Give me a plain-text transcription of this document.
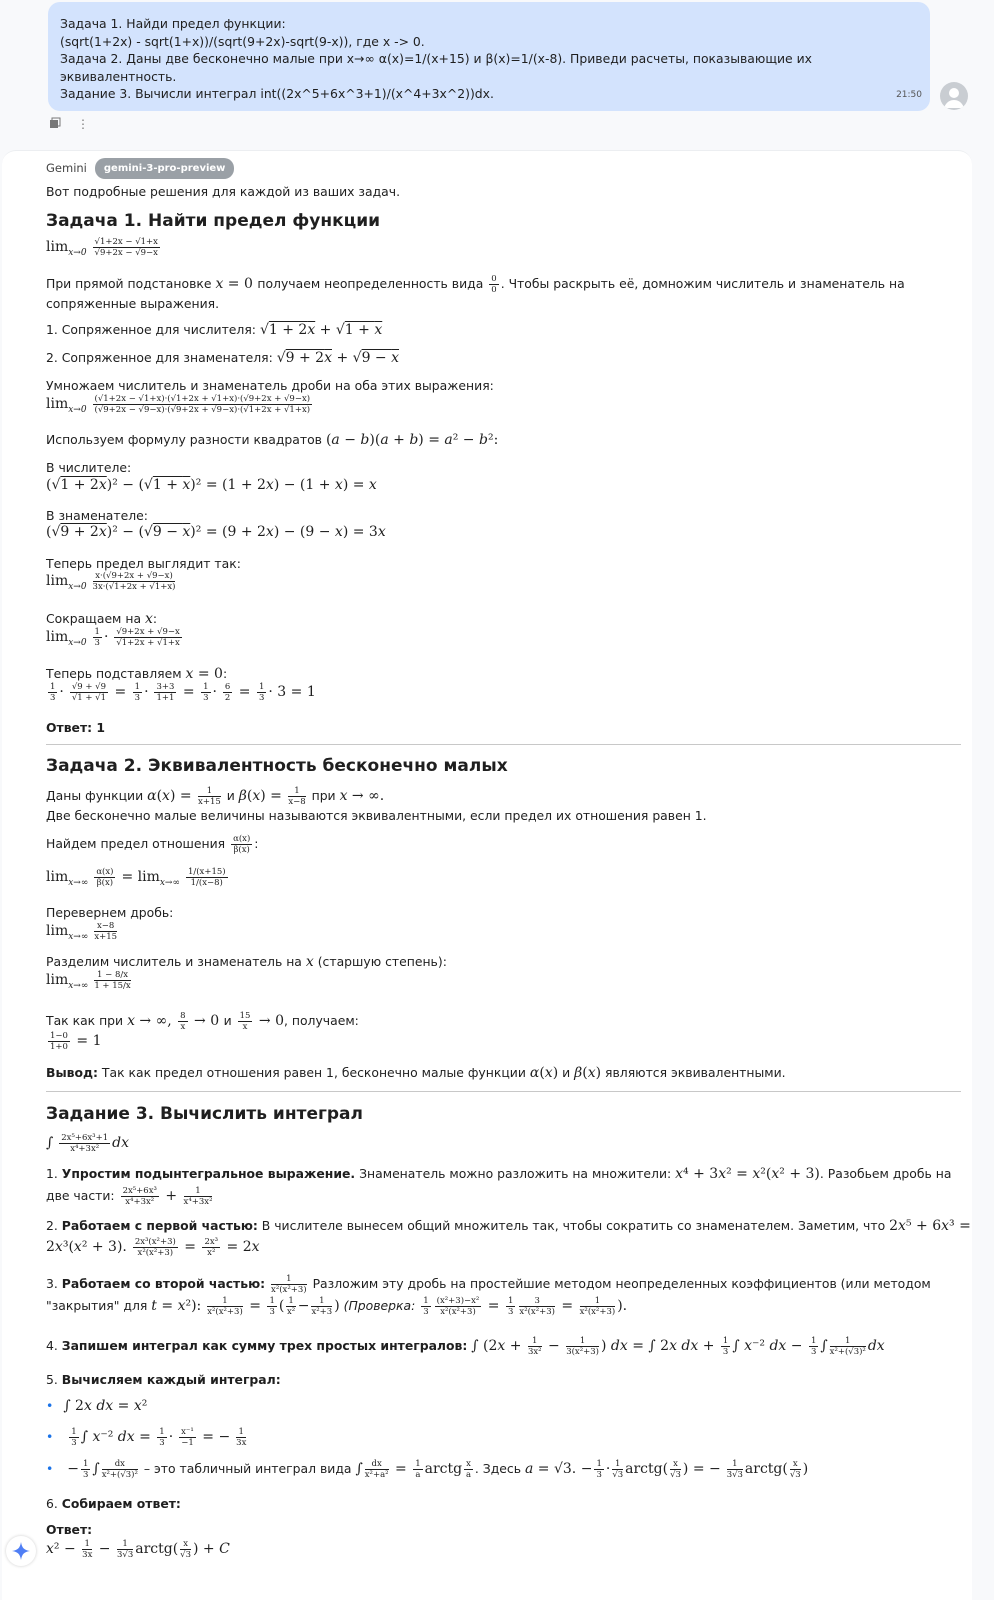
Задача 1. Найди предел функции:
(sqrt(1+2x) - sqrt(1+x))/(sqrt(9+2x)-sqrt(9-x)), где x -> 0.
Задача 2. Даны две бесконечно малые при x→∞ α(x)=1/(x+15) и β(x)=1/(x-8). Приведи расчеты, показывающие их эквивалентность.
Задание 3. Вычисли интеграл int((2x^5+6x^3+1)/(x^4+3x^2))dx.	21:50
⋮
Gemini	gemini-3-pro-preview
Вот подробные решения для каждой из ваших задач.
Задача 1. Найти предел функции
$\lim_{x\to 0} \frac{√1+2x - √1+x}{√9+2x - √9-x}$
При прямой подстановке x = 0 получаем неопределенность вида $\frac{0}{0}$ . Чтобы раскрыть её, домножим числитель и знаменатель на
сопряженные выражения.
1. Сопряженное для числителя: √1 + 2x + √1 + x
2. Сопряженное для знаменателя: √9 + 2x + √9 − x
Умножаем числитель и знаменатель дроби на оба этих выражения:
$\lim_{x\to 0} \frac{(√1+2x - √1+x)\cdot(√1+2x + √1+x)\cdot(√9+2x + √9-x)}{(√9+2x - √9-x)\cdot(√9+2x + √9-x)\cdot(√1+2x + √1+x)}$
Используем формулу разности квадратов (a − b)(a + b) = a² − b²:
В числителе:
(√1 + 2x)² − (√1 + x)² = (1 + 2x) − (1 + x) = x
В знаменателе:
(√9 + 2x)² − (√9 − x)² = (9 + 2x) − (9 − x) = 3x
Теперь предел выглядит так:
$\lim_{x\to 0} \frac{x\cdot(√9+2x + √9-x)}{3x\cdot(√1+2x + √1+x)}$
Сокращаем на x:
$\lim_{x\to 0} \frac{1}{3} \cdot \frac{√9+2x + √9-x}{√1+2x + √1+x}$
Теперь подставляем x = 0:
$\frac{1}{3} \cdot \frac{√9 + √9}{√1 + √1} = \frac{1}{3} \cdot \frac{3+3}{1+1} = \frac{1}{3} \cdot \frac{6}{2} = \frac{1}{3} \cdot 3 = 1$
Ответ: 1
Задача 2. Эквивалентность бесконечно малых
Даны функции $\alpha(x) = \frac{1}{x+15}$ и $\beta(x) = \frac{1}{x-8}$ при x → ∞.
Две бесконечно малые величины называются эквивалентными, если предел их отношения равен 1.
Найдем предел отношения $\frac{\alpha(x)}{\beta(x)}$ :
$\lim_{x\to\infty} \frac{\alpha(x)}{\beta(x)} = \lim_{x\to\infty} \frac{1/(x+15)}{1/(x-8)}$
Перевернем дробь:
$\lim_{x\to\infty} \frac{x-8}{x+15}$
Разделим числитель и знаменатель на x (старшую степень):
$\lim_{x\to\infty} \frac{1 - 8/x}{1 + 15/x}$
Так как при x → ∞, $\frac{8}{x} \to 0$ и $\frac{15}{x} \to 0$, получаем:
$\frac{1-0}{1+0} = 1$
Вывод: Так как предел отношения равен 1, бесконечно малые функции α(x) и β(x) являются эквивалентными.
Задание 3. Вычислить интеграл
∫ $\frac{\text{2x⁵+6x³+1}}{\text{x⁴+3x²}}$ dx
1. Упростим подынтегральное выражение. Знаменатель можно разложить на множители: x⁴ + 3x² = x²(x² + 3). Разобьем дробь на
две части: $\frac{\text{2x⁵+6x³}}{\text{x⁴+3x²}} + \frac{1}{\text{x⁴+3x²}}$
2. Работаем с первой частью: В числителе вынесем общий множитель так, чтобы сократить со знаменателем. Заметим, что 2x⁵ + 6x³ =
2x³(x² + 3). $\frac{\text{2x³(x²+3)}}{\text{x²(x²+3)}} = \frac{\text{2x³}}{\text{x²}} = 2x$
3. Работаем со второй частью: $\frac{1}{\text{x²(x²+3)}}$ Разложим эту дробь на простейшие методом неопределенных коэффициентов (или методом
"закрытия" для t = x²): $\frac{1}{\text{x²(x²+3)}} = \frac{1}{3}$ ( $\frac{1}{\text{x²}} - \frac{1}{\text{x²+3}}$ ) (Проверка: $\frac{1}{3} \frac{\text{(x²+3)−x²}}{\text{x²(x²+3)}} = \frac{1}{3} \frac{3}{\text{x²(x²+3)}} = \frac{1}{\text{x²(x²+3)}}$ ).
4. Запишем интеграл как сумму трех простых интегралов: ∫ ($2x + \frac{1}{\text{3x²}} - \frac{1}{\text{3(x²+3)}}$ ) dx = ∫ 2x dx + $\frac{1}{3}$ ∫ x⁻² dx − $\frac{1}{3}$ ∫ $\frac{1}{\text{x²+(√3)²}}$ dx
5. Вычисляем каждый интеграл:
• ∫ 2x dx = x²
• $\frac{1}{3}$ ∫ x⁻² dx = $\frac{1}{3} \cdot \frac{\text{x⁻¹}}{-1}$ = − $\frac{1}{3x}$
• − $\frac{1}{3}$ ∫ $\frac{dx}{\text{x²+(√3)²}}$ – это табличный интеграл вида ∫ $\frac{dx}{\text{x²+a²}} = \frac{1}{a}$ arctg $\frac{x}{a}$ . Здесь a = √3. − $\frac{1}{3} \cdot \frac{1}{√3}$ arctg( $\frac{x}{√3}$ ) = − $\frac{1}{3√3}$ arctg( $\frac{x}{√3}$ )
6. Собираем ответ:
Ответ:
$x^2 - \frac{1}{3x} - \frac{1}{3√3}$ arctg( $\frac{x}{√3}$ ) + C
